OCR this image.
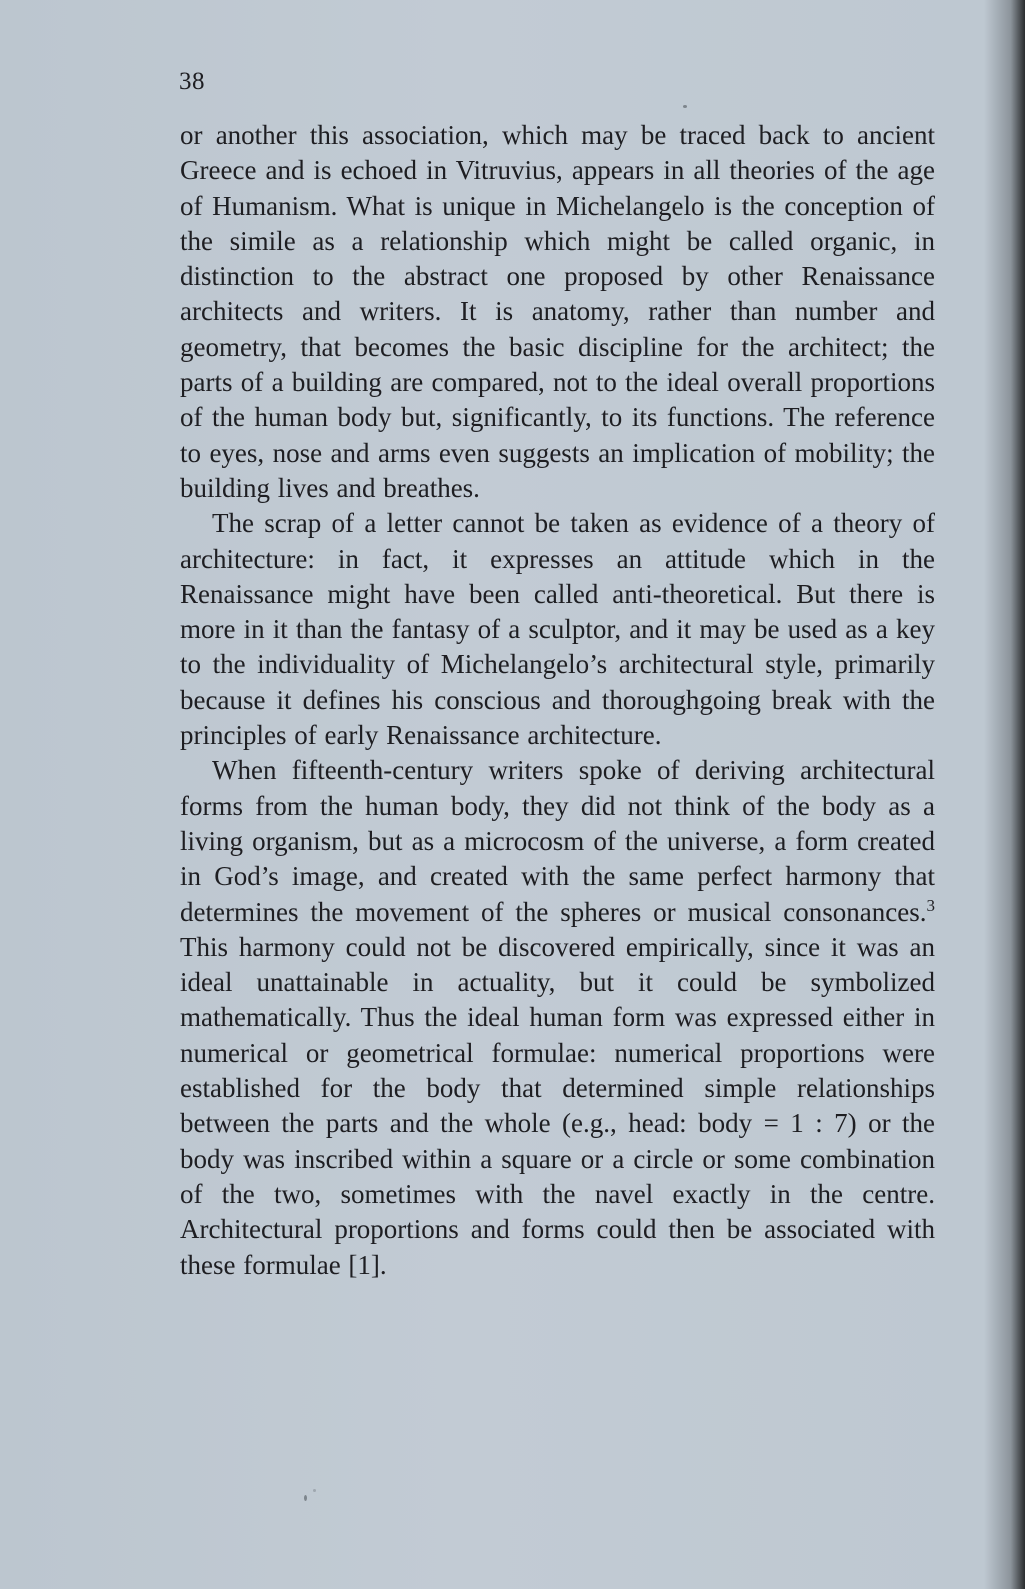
38

or another this association, which may be traced back to ancient Greece and is echoed in Vitruvius, appears in all theories of the age of Humanism. What is unique in Michelangelo is the conception of the simile as a relationship which might be called organic, in distinction to the abstract one proposed by other Renaissance architects and writers. It is anatomy, rather than number and geometry, that becomes the basic discipline for the architect; the parts of a building are compared, not to the ideal overall proportions of the human body but, significantly, to its functions. The reference to eyes, nose and arms even suggests an implication of mobility; the building lives and breathes.

The scrap of a letter cannot be taken as evidence of a theory of architecture: in fact, it expresses an attitude which in the Renaissance might have been called anti-theoretical. But there is more in it than the fantasy of a sculptor, and it may be used as a key to the individuality of Michelangelo’s architectural style, primarily because it defines his conscious and thoroughgoing break with the principles of early Renaissance architecture.

When fifteenth-century writers spoke of deriving architectural forms from the human body, they did not think of the body as a living organism, but as a microcosm of the universe, a form created in God’s image, and created with the same perfect harmony that determines the movement of the spheres or musical consonances.$^3$ This harmony could not be discovered empirically, since it was an ideal unattainable in actuality, but it could be symbolized mathematically. Thus the ideal human form was expressed either in numerical or geometrical formulae: numerical proportions were established for the body that determined simple relationships between the parts and the whole (e.g., head: body = 1 : 7) or the body was inscribed within a square or a circle or some combination of the two, sometimes with the navel exactly in the centre. Architectural proportions and forms could then be associated with these formulae [1].
